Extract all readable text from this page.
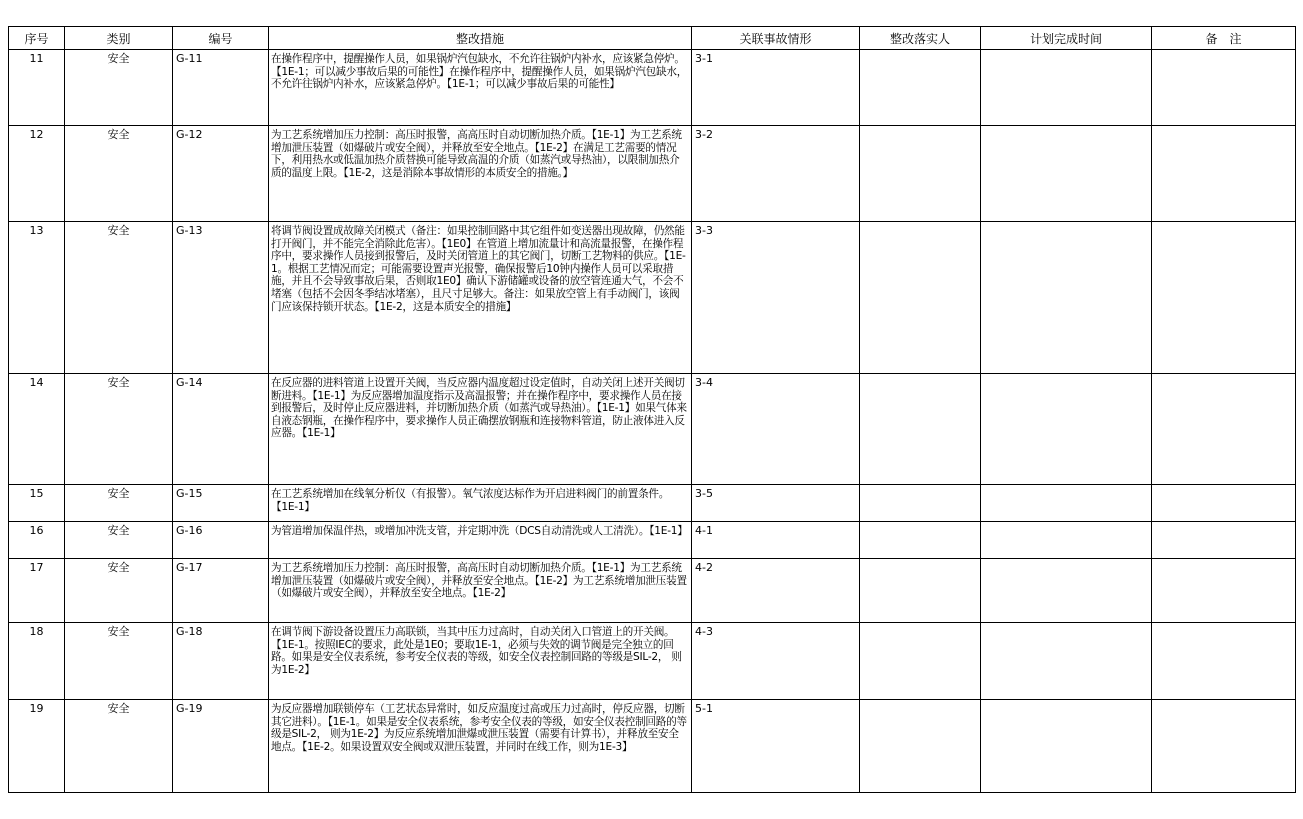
序号	类别	编号	整改措施	关联事故情形	整改落实人	计划完成时间	备　注
11	安全	G-11	在操作程序中，提醒操作人员，如果锅炉汽包缺水，不允许往锅炉内补水，应该紧急停炉。【1E-1；可以减少事故后果的可能性】在操作程序中，提醒操作人员，如果锅炉汽包缺水，不允许往锅炉内补水，应该紧急停炉。【1E-1；可以减少事故后果的可能性】	3-1			
12	安全	G-12	为工艺系统增加压力控制：高压时报警，高高压时自动切断加热介质。【1E-1】为工艺系统增加泄压装置（如爆破片或安全阀），并释放至安全地点。【1E-2】在满足工艺需要的情况下，利用热水或低温加热介质替换可能导致高温的介质（如蒸汽或导热油），以限制加热介质的温度上限。【1E-2，这是消除本事故情形的本质安全的措施。】	3-2			
13	安全	G-13	将调节阀设置成故障关闭模式（备注：如果控制回路中其它组件如变送器出现故障，仍然能打开阀门，并不能完全消除此危害）。【1E0】在管道上增加流量计和高流量报警，在操作程序中，要求操作人员接到报警后，及时关闭管道上的其它阀门，切断工艺物料的供应。【1E-1。根据工艺情况而定；可能需要设置声光报警，确保报警后10钟内操作人员可以采取措施，并且不会导致事故后果，否则取1E0】确认下游储罐或设备的放空管连通大气，不会不堵塞（包括不会因冬季结冰堵塞），且尺寸足够大。备注：如果放空管上有手动阀门，该阀门应该保持锁开状态。【1E-2，这是本质安全的措施】	3-3			
14	安全	G-14	在反应器的进料管道上设置开关阀，当反应器内温度超过设定值时，自动关闭上述开关阀切断进料。【1E-1】为反应器增加温度指示及高温报警；并在操作程序中，要求操作人员在接到报警后，及时停止反应器进料，并切断加热介质（如蒸汽或导热油）。【1E-1】如果气体来自液态钢瓶，在操作程序中，要求操作人员正确摆放钢瓶和连接物料管道，防止液体进入反应器。【1E-1】	3-4			
15	安全	G-15	在工艺系统增加在线氧分析仪（有报警）。氧气浓度达标作为开启进料阀门的前置条件。【1E-1】	3-5			
16	安全	G-16	为管道增加保温伴热，或增加冲洗支管，并定期冲洗（DCS自动清洗或人工清洗）。【1E-1】	4-1			
17	安全	G-17	为工艺系统增加压力控制：高压时报警，高高压时自动切断加热介质。【1E-1】为工艺系统增加泄压装置（如爆破片或安全阀），并释放至安全地点。【1E-2】为工艺系统增加泄压装置（如爆破片或安全阀），并释放至安全地点。【1E-2】	4-2			
18	安全	G-18	在调节阀下游设备设置压力高联锁，当其中压力过高时，自动关闭入口管道上的开关阀。【1E-1。按照IEC的要求，此处是1E0；要取1E-1，必须与失效的调节阀是完全独立的回路。如果是安全仪表系统，参考安全仪表的等级，如安全仪表控制回路的等级是SIL-2， 则为1E-2】	4-3			
19	安全	G-19	为反应器增加联锁停车（工艺状态异常时，如反应温度过高或压力过高时，停反应器，切断其它进料）。【1E-1。如果是安全仪表系统，参考安全仪表的等级，如安全仪表控制回路的等级是SIL-2， 则为1E-2】为反应系统增加泄爆或泄压装置（需要有计算书），并释放至安全地点。【1E-2。如果设置双安全阀或双泄压装置，并同时在线工作，则为1E-3】	5-1			
